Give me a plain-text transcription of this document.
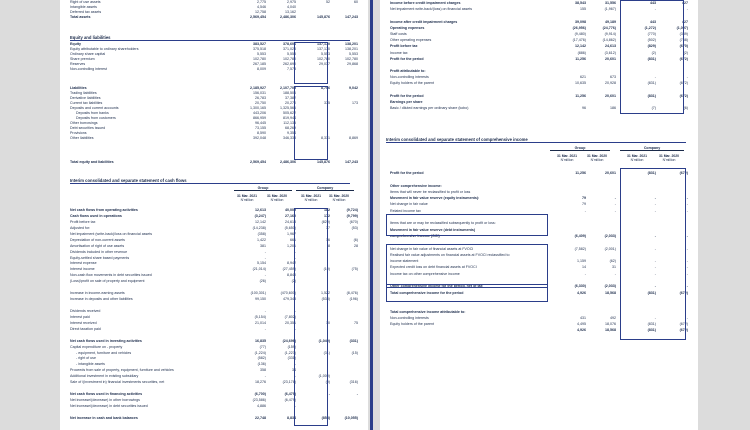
Right of use assets	2,775	2,975	52	60
Intangible assets	4,546	4,040
Deferred tax assets	12,758	13,162
Total assets	2,569,454	2,486,306	145,876	147,243
Equity and liabilities
Equity	383,527	378,601	137,170	138,201
Equity attributable to ordinary shareholders	375,518	371,023	137,170	138,201
Ordinary share capital	5,553	5,553	5,553	5,553
Share premium	102,780	102,780	102,780	102,780
Reserves	267,185	262,690	29,037	29,868
Non-controlling interest	8,009	7,578
Liabilities	2,185,927	2,107,705	8,706	9,042
Trading liabilities	156,031	188,506
Derivative liabilities	26,783	37,382
Current tax liabilities	20,750	20,270	375	173
Deposits and current accounts	1,300,165	1,325,566
Deposits from banks	443,206	505,622
Deposits from customers	866,959	819,944
Other borrowings	96,445	112,135
Debt securities issued	73,155	68,269
Provisions	8,590	9,354
Other liabilities	392,048	346,333	8,331	8,869
Total equity and liabilities	2,569,454	2,486,306	145,876	147,243
Interim consolidated and separate statement of cash flows
Group	Company
31 Mar. 2021
N'million
31 Mar. 2020
N'million
31 Mar. 2021
N'million
31 Mar. 2020
N'million
Net cash flows from operating activities	12,613	40,009	182	(9,724)
Cash flows used in operations	(3,247)	27,160	172	(9,799)
Profit before tax	12,142	24,613	(829)	(670)
Adjusted for:	(14,238)	(5,650)	37	(53)
Net impairment (write-back)/loss on financial assets	(358)	1,967
Depreciation of non-current assets	1,422	661	16	(6)
Amortisation of right of use assets	381	1,201	8	28
Dividends included in other revenue	-	-
Equity-settled share based payments	-	-
Interest expense	5,154	8,942
Interest income	(21,014)	(27,459)	(10)	(75)
Non-cash flow movements in debt securities issued	-	8,840
(Loss)/profit on sale of property and equipment	(26)	(2)
Increase in income-earning assets	(100,301)	(470,600)	1,522	(8,476)
Increase in deposits and other liabilities	99,150	479,348	(538)	(196)
Dividends received	-	-
Interest paid	(5,154)	(7,802)
Interest received	21,014	20,351	10	75
Direct taxation paid	-	-
Net cash flows used in investing activities	16,835	(24,696)	(1,040)	(331)
Capital expenditure on - property	(77)	(159)
- equipment, furniture and vehicles	(1,224)	(1,227)	(31)	(15)
- right of use	(582)	(331)
- intangible assets	(136)	-
Proceeds from sale of property, equipment, furniture and vehicles	358	34
Additional investment in existing subsidiary	-	-	(1,000)
Sale of /(investment in) financial investments securities, net	18,276	(23,178)	(9)	(316)
Net cash flows used in financing activities	(6,700)	(6,479)	-	-
Net increase/(decrease) in other borrowings	(23,586)	(6,479)
Net increase/(decrease) in debt securities issued	4,886	-
Net increase in cash and bank balances	22,748	8,834	(858)	(10,055)
Income before credit impairment charges	38,543	31,556	443	427
Net impairment write-back/(loss) on financial assets	155	(1,967)	-	-
Income after credit impairment charges	39,098	49,189	443	427
Operating expenses	(26,956)	(24,776)	(1,272)	(1,097)
Staff costs	(9,480)	(9,914)	(770)	(339)
Other operating expenses	(17,476)	(14,862)	(502)	(758)
Profit before tax	12,142	24,613	(829)	(670)
Income tax	(886)	(3,612)	(2)	(2)
Profit for the period	11,256	20,601	(831)	(672)
Profit attributable to:
Non-controlling interests	621	673	-	-
Equity holders of the parent	10,635	20,928	(831)	(672)
Profit for the period	11,256	20,601	(831)	(672)
Earnings per share
Basic / diluted earnings per ordinary share (kobo)	96	186	(7)	(6)
Interim consolidated and separate statement of comprehensive income
Group	Company
31 Mar. 2021
N'million
31 Mar. 2020
N'million
31 Mar. 2021
N'million
31 Mar. 2020
N'million
Profit for the period	11,256	20,601	(831)	(672)
Other comprehensive income:
Items that will never be reclassified to profit or loss
Movement in fair value reserve (equity instruments):	79	-	-	-
Net change in fair value	79	-	-	-
Related income tax	-	-	-	-
Items that are or may be reclassified subsequently to profit or loss:
Movement in fair value reserve (debt instruments)
comprehensive income (OCI)	(6,409)	(2,033)	-	-
Net change in fair value of financial assets at FVOCI	(7,582)	(2,001)	-	-
Realised fair value adjustments on financial assets at FVOCI reclassified to
income statement	1,159	(62)	-	-
Expected credit loss on debt financial assets at FVOCI	14	31	-	-
Income tax on other comprehensive income	-	-	-	-
Other comprehensive income for the period, net of tax	(6,330)	(2,033)	-	-
Total comprehensive income for the period	4,926	18,568	(831)	(672)
Total comprehensive income attributable to:
Non-controlling interests	431	492	-	-
Equity holders of the parent	4,495	18,076	(831)	(672)
4,926	18,568	(831)	(672)
